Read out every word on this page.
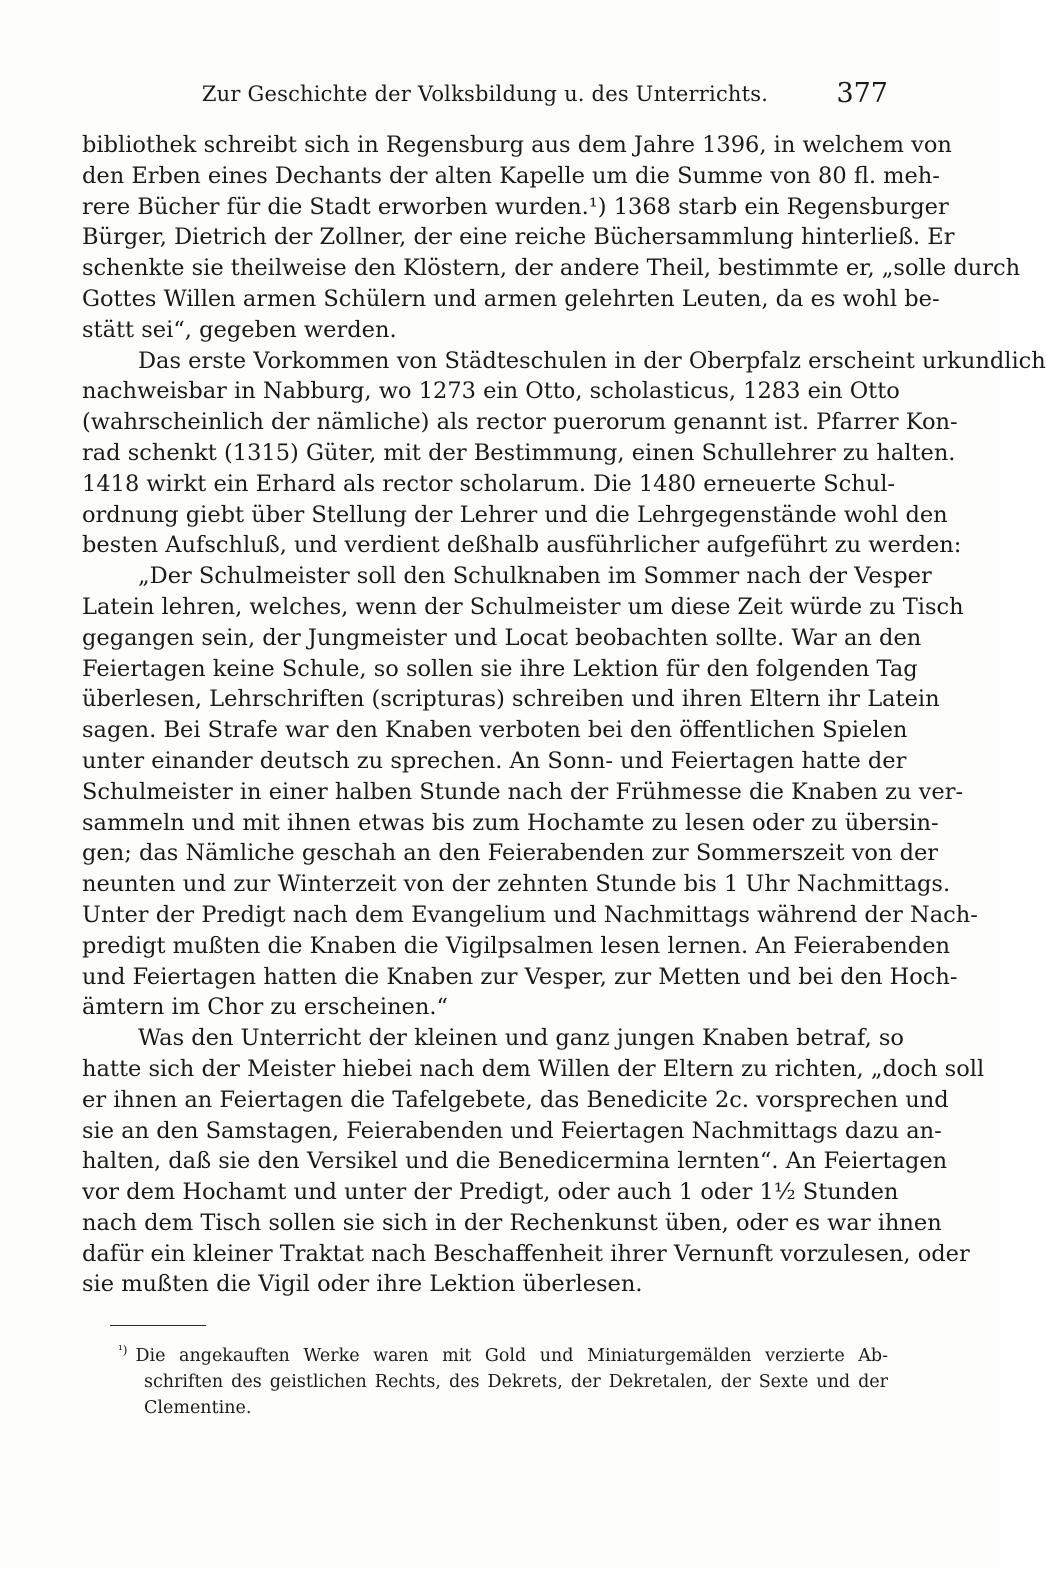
Zur Geschichte der Volksbildung u. des Unterrichts.	377
bibliothek schreibt sich in Regensburg aus dem Jahre 1396, in welchem von
den Erben eines Dechants der alten Kapelle um die Summe von 80 fl. meh-
rere Bücher für die Stadt erworben wurden.¹) 1368 starb ein Regensburger
Bürger, Dietrich der Zollner, der eine reiche Büchersammlung hinterließ. Er
schenkte sie theilweise den Klöstern, der andere Theil, bestimmte er, „solle durch
Gottes Willen armen Schülern und armen gelehrten Leuten, da es wohl be-
stätt sei“, gegeben werden.
Das erste Vorkommen von Städteschulen in der Oberpfalz erscheint urkundlich
nachweisbar in Nabburg, wo 1273 ein Otto, scholasticus, 1283 ein Otto
(wahrscheinlich der nämliche) als rector puerorum genannt ist. Pfarrer Kon-
rad schenkt (1315) Güter, mit der Bestimmung, einen Schullehrer zu halten.
1418 wirkt ein Erhard als rector scholarum. Die 1480 erneuerte Schul-
ordnung giebt über Stellung der Lehrer und die Lehrgegenstände wohl den
besten Aufschluß, und verdient deßhalb ausführlicher aufgeführt zu werden:
„Der Schulmeister soll den Schulknaben im Sommer nach der Vesper
Latein lehren, welches, wenn der Schulmeister um diese Zeit würde zu Tisch
gegangen sein, der Jungmeister und Locat beobachten sollte. War an den
Feiertagen keine Schule, so sollen sie ihre Lektion für den folgenden Tag
überlesen, Lehrschriften (scripturas) schreiben und ihren Eltern ihr Latein
sagen. Bei Strafe war den Knaben verboten bei den öffentlichen Spielen
unter einander deutsch zu sprechen. An Sonn- und Feiertagen hatte der
Schulmeister in einer halben Stunde nach der Frühmesse die Knaben zu ver-
sammeln und mit ihnen etwas bis zum Hochamte zu lesen oder zu übersin-
gen; das Nämliche geschah an den Feierabenden zur Sommerszeit von der
neunten und zur Winterzeit von der zehnten Stunde bis 1 Uhr Nachmittags.
Unter der Predigt nach dem Evangelium und Nachmittags während der Nach-
predigt mußten die Knaben die Vigilpsalmen lesen lernen. An Feierabenden
und Feiertagen hatten die Knaben zur Vesper, zur Metten und bei den Hoch-
ämtern im Chor zu erscheinen.“
Was den Unterricht der kleinen und ganz jungen Knaben betraf, so
hatte sich der Meister hiebei nach dem Willen der Eltern zu richten, „doch soll
er ihnen an Feiertagen die Tafelgebete, das Benedicite 2c. vorsprechen und
sie an den Samstagen, Feierabenden und Feiertagen Nachmittags dazu an-
halten, daß sie den Versikel und die Benedicermina lernten“. An Feiertagen
vor dem Hochamt und unter der Predigt, oder auch 1 oder 1½ Stunden
nach dem Tisch sollen sie sich in der Rechenkunst üben, oder es war ihnen
dafür ein kleiner Traktat nach Beschaffenheit ihrer Vernunft vorzulesen, oder
sie mußten die Vigil oder ihre Lektion überlesen.
$^{^1)}$ Die angekauften Werke waren mit Gold und Miniaturgemälden verzierte Ab-
schriften des geistlichen Rechts, des Dekrets, der Dekretalen, der Sexte und der
Clementine.
